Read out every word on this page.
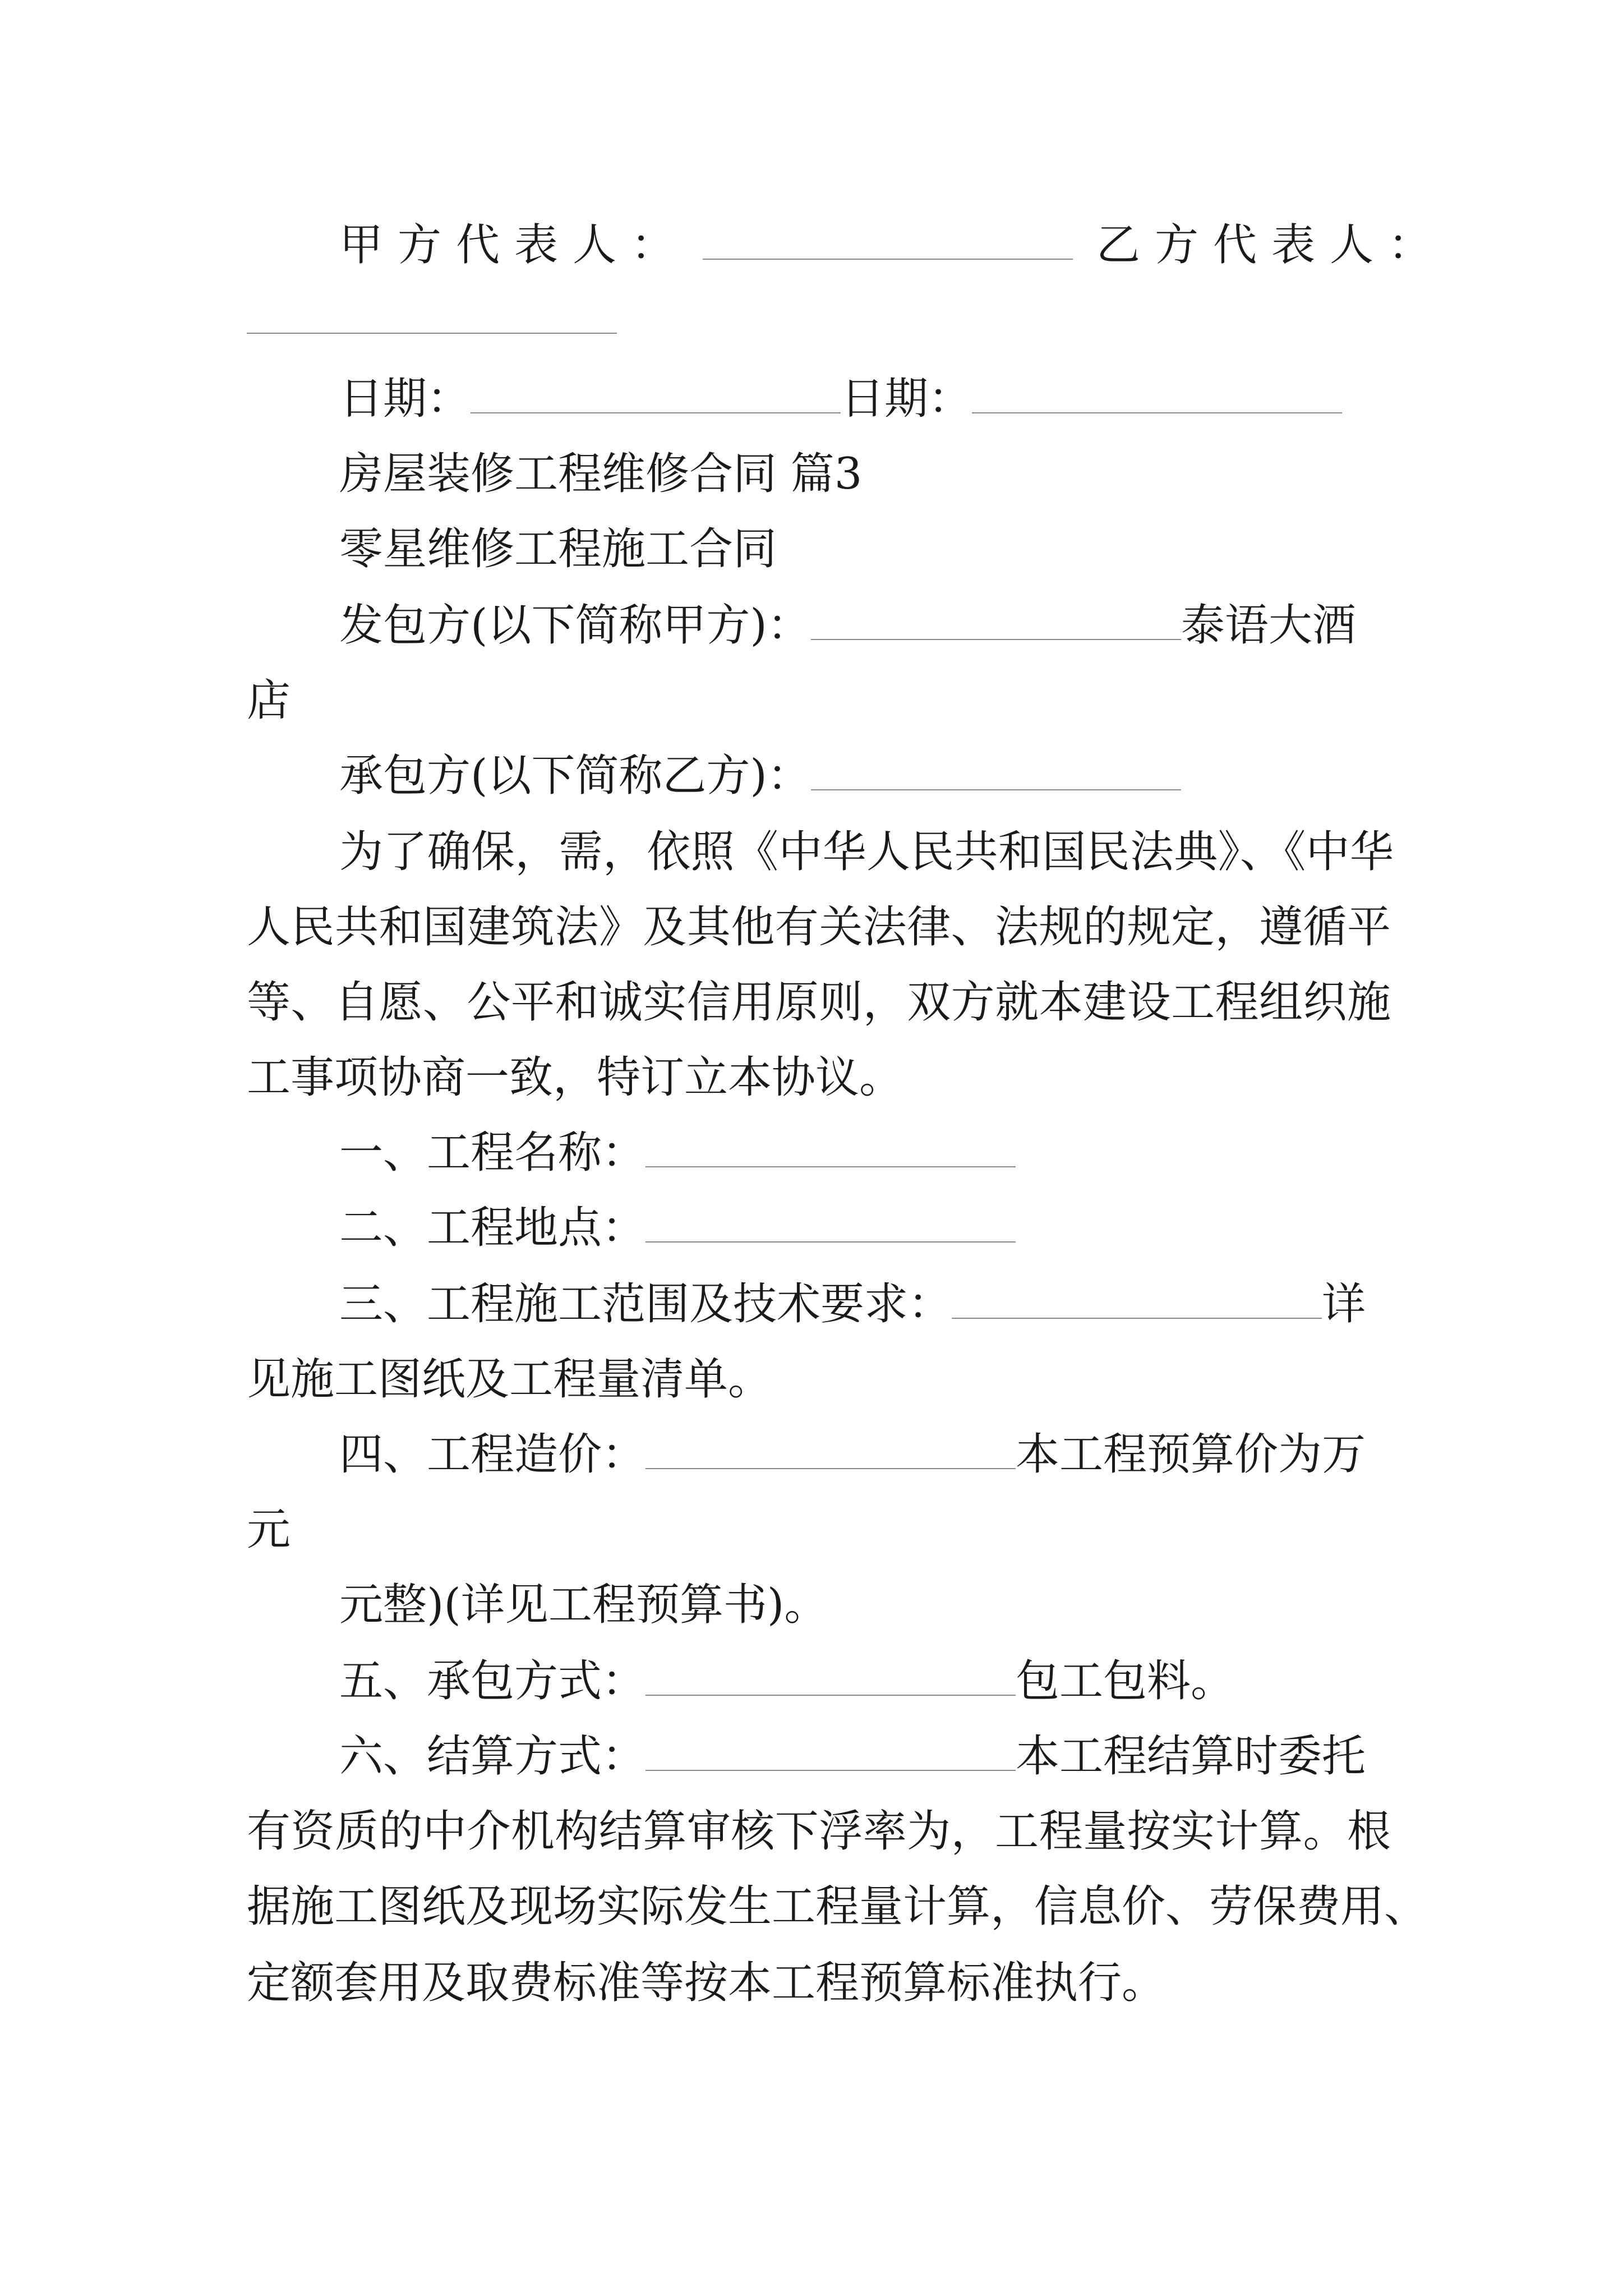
甲方代表人：	乙方代表人：
日期：	日期：
房屋装修工程维修合同 篇3
零星维修工程施工合同
发包方(以下简称甲方)：	泰语大酒
店
承包方(以下简称乙方)：
为了确保，需，依照《中华人民共和国民法典》、《中华
人民共和国建筑法》及其他有关法律、法规的规定，遵循平
等、自愿、公平和诚实信用原则，双方就本建设工程组织施
工事项协商一致，特订立本协议。
一、工程名称：
二、工程地点：
三、工程施工范围及技术要求：	详
见施工图纸及工程量清单。
四、工程造价：	本工程预算价为万
元
元整)(详见工程预算书)。
五、承包方式：	包工包料。
六、结算方式：	本工程结算时委托
有资质的中介机构结算审核下浮率为，工程量按实计算。根
据施工图纸及现场实际发生工程量计算，信息价、劳保费用、
定额套用及取费标准等按本工程预算标准执行。
